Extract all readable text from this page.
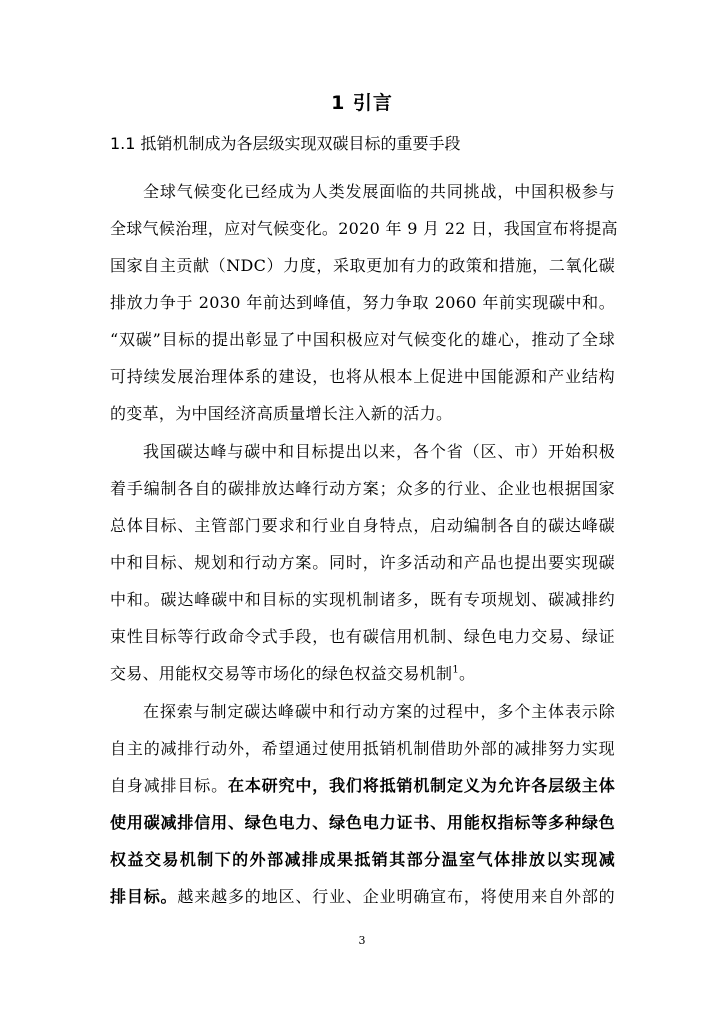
1 引言
1.1 抵销机制成为各层级实现双碳目标的重要手段
全球气候变化已经成为人类发展面临的共同挑战，中国积极参与
全球气候治理，应对气候变化。2020 年 9 月 22 日，我国宣布将提高
国家自主贡献（NDC）力度，采取更加有力的政策和措施，二氧化碳
排放力争于 2030 年前达到峰值，努力争取 2060 年前实现碳中和。
“双碳”目标的提出彰显了中国积极应对气候变化的雄心，推动了全球
可持续发展治理体系的建设，也将从根本上促进中国能源和产业结构
的变革，为中国经济高质量增长注入新的活力。
我国碳达峰与碳中和目标提出以来，各个省（区、市）开始积极
着手编制各自的碳排放达峰行动方案；众多的行业、企业也根据国家
总体目标、主管部门要求和行业自身特点，启动编制各自的碳达峰碳
中和目标、规划和行动方案。同时，许多活动和产品也提出要实现碳
中和。碳达峰碳中和目标的实现机制诸多，既有专项规划、碳减排约
束性目标等行政命令式手段，也有碳信用机制、绿色电力交易、绿证
交易、用能权交易等市场化的绿色权益交易机制$^1$。
在探索与制定碳达峰碳中和行动方案的过程中，多个主体表示除
自主的减排行动外，希望通过使用抵销机制借助外部的减排努力实现
自身减排目标。在本研究中，我们将抵销机制定义为允许各层级主体
使用碳减排信用、绿色电力、绿色电力证书、用能权指标等多种绿色
权益交易机制下的外部减排成果抵销其部分温室气体排放以实现减
排目标。越来越多的地区、行业、企业明确宣布，将使用来自外部的
3
